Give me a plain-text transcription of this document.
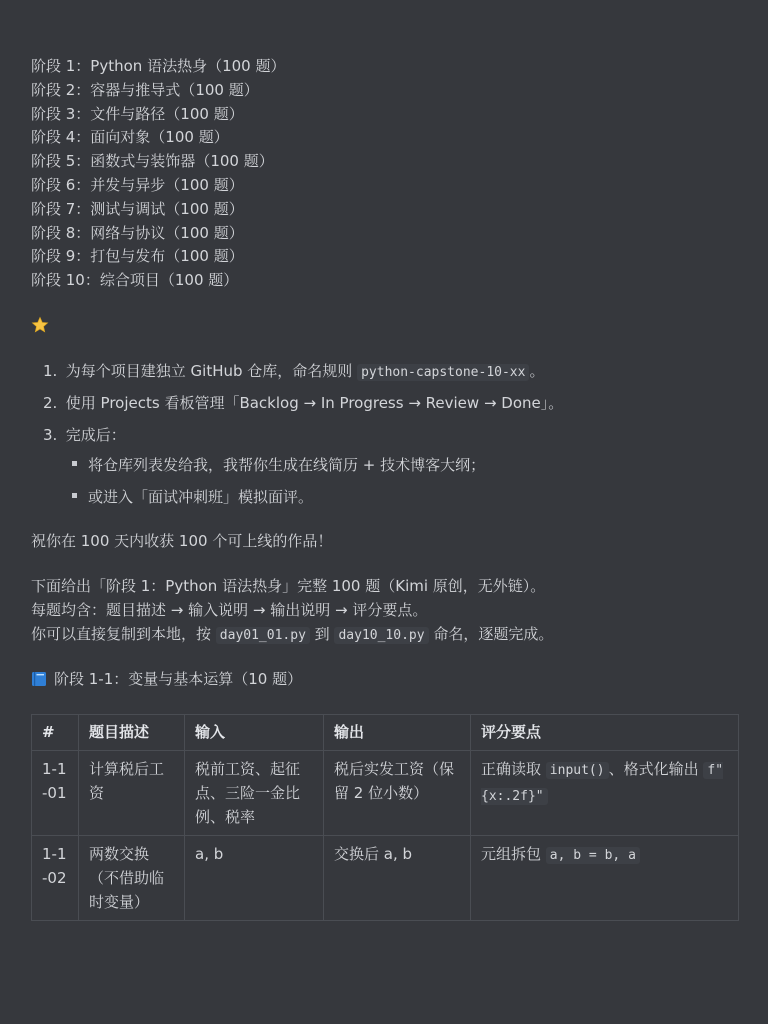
阶段 1：Python 语法热身（100 题）
阶段 2：容器与推导式（100 题）
阶段 3：文件与路径（100 题）
阶段 4：面向对象（100 题）
阶段 5：函数式与装饰器（100 题）
阶段 6：并发与异步（100 题）
阶段 7：测试与调试（100 题）
阶段 8：网络与协议（100 题）
阶段 9：打包与发布（100 题）
阶段 10：综合项目（100 题）
1. 为每个项目建独立 GitHub 仓库，命名规则 python-capstone-10-xx 。
2. 使用 Projects 看板管理「Backlog → In Progress → Review → Done」。
3. 完成后：
将仓库列表发给我，我帮你生成在线简历 + 技术博客大纲；
或进入「面试冲刺班」模拟面评。
祝你在 100 天内收获 100 个可上线的作品！
下面给出「阶段 1：Python 语法热身」完整 100 题（Kimi 原创，无外链）。
每题均含：题目描述 → 输入说明 → 输出说明 → 评分要点。
你可以直接复制到本地，按 day01_01.py 到 day10_10.py 命名，逐题完成。
阶段 1-1：变量与基本运算（10 题）
#	题目描述	输入	输出	评分要点
1-1-01	计算税后工资	税前工资、起征点、三险一金比例、税率	税后实发工资（保留 2 位小数）	正确读取 input() 、格式化输出 f"{x:.2f}"
1-1-02	两数交换（不借助临时变量）	a, b	交换后 a, b	元组拆包 a, b = b, a
